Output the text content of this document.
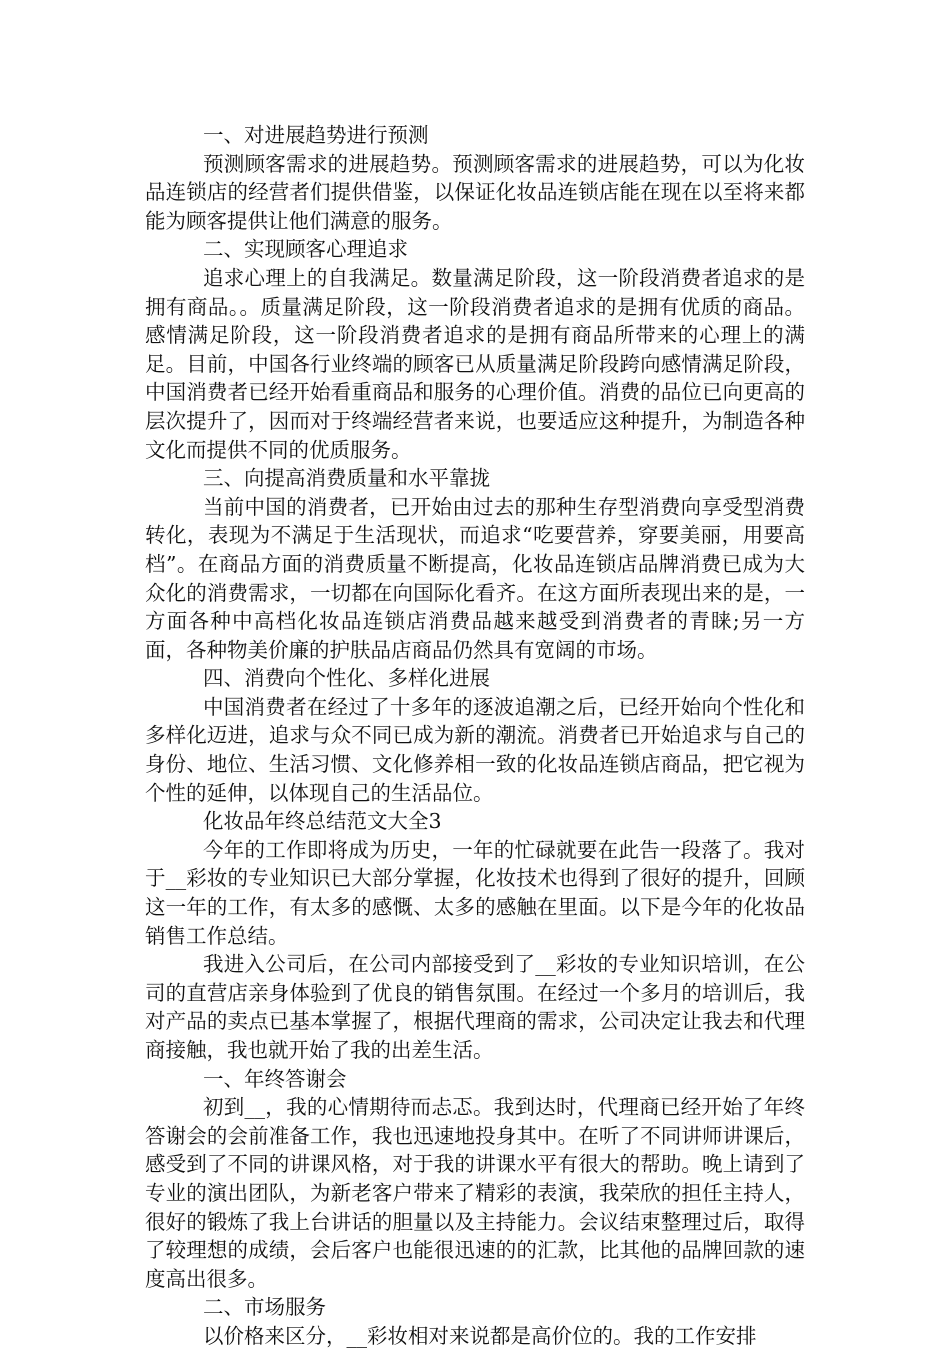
一、对进展趋势进行预测

预测顾客需求的进展趋势。预测顾客需求的进展趋势，可以为化妆品连锁店的经营者们提供借鉴，以保证化妆品连锁店能在现在以至将来都能为顾客提供让他们满意的服务。

二、实现顾客心理追求

追求心理上的自我满足。数量满足阶段，这一阶段消费者追求的是拥有商品。。质量满足阶段，这一阶段消费者追求的是拥有优质的商品。感情满足阶段，这一阶段消费者追求的是拥有商品所带来的心理上的满足。目前，中国各行业终端的顾客已从质量满足阶段跨向感情满足阶段，中国消费者已经开始看重商品和服务的心理价值。消费的品位已向更高的层次提升了，因而对于终端经营者来说，也要适应这种提升，为制造各种文化而提供不同的优质服务。

三、向提高消费质量和水平靠拢

当前中国的消费者，已开始由过去的那种生存型消费向享受型消费转化，表现为不满足于生活现状，而追求“吃要营养，穿要美丽，用要高档”。在商品方面的消费质量不断提高，化妆品连锁店品牌消费已成为大众化的消费需求，一切都在向国际化看齐。在这方面所表现出来的是，一方面各种中高档化妆品连锁店消费品越来越受到消费者的青睐;另一方面，各种物美价廉的护肤品店商品仍然具有宽阔的市场。

四、消费向个性化、多样化进展

中国消费者在经过了十多年的逐波追潮之后，已经开始向个性化和多样化迈进，追求与众不同已成为新的潮流。消费者已开始追求与自己的身份、地位、生活习惯、文化修养相一致的化妆品连锁店商品，把它视为个性的延伸，以体现自己的生活品位。

化妆品年终总结范文大全3

今年的工作即将成为历史，一年的忙碌就要在此告一段落了。我对于__彩妆的专业知识已大部分掌握，化妆技术也得到了很好的提升，回顾这一年的工作，有太多的感慨、太多的感触在里面。以下是今年的化妆品销售工作总结。

我进入公司后，在公司内部接受到了__彩妆的专业知识培训，在公司的直营店亲身体验到了优良的销售氛围。在经过一个多月的培训后，我对产品的卖点已基本掌握了，根据代理商的需求，公司决定让我去和代理商接触，我也就开始了我的出差生活。

一、年终答谢会

初到__，我的心情期待而忐忑。我到达时，代理商已经开始了年终答谢会的会前准备工作，我也迅速地投身其中。在听了不同讲师讲课后，感受到了不同的讲课风格，对于我的讲课水平有很大的帮助。晚上请到了专业的演出团队，为新老客户带来了精彩的表演，我荣欣的担任主持人，很好的锻炼了我上台讲话的胆量以及主持能力。会议结束整理过后，取得了较理想的成绩，会后客户也能很迅速的的汇款，比其他的品牌回款的速度高出很多。

二、市场服务

以价格来区分，__彩妆相对来说都是高价位的。我的工作安排
